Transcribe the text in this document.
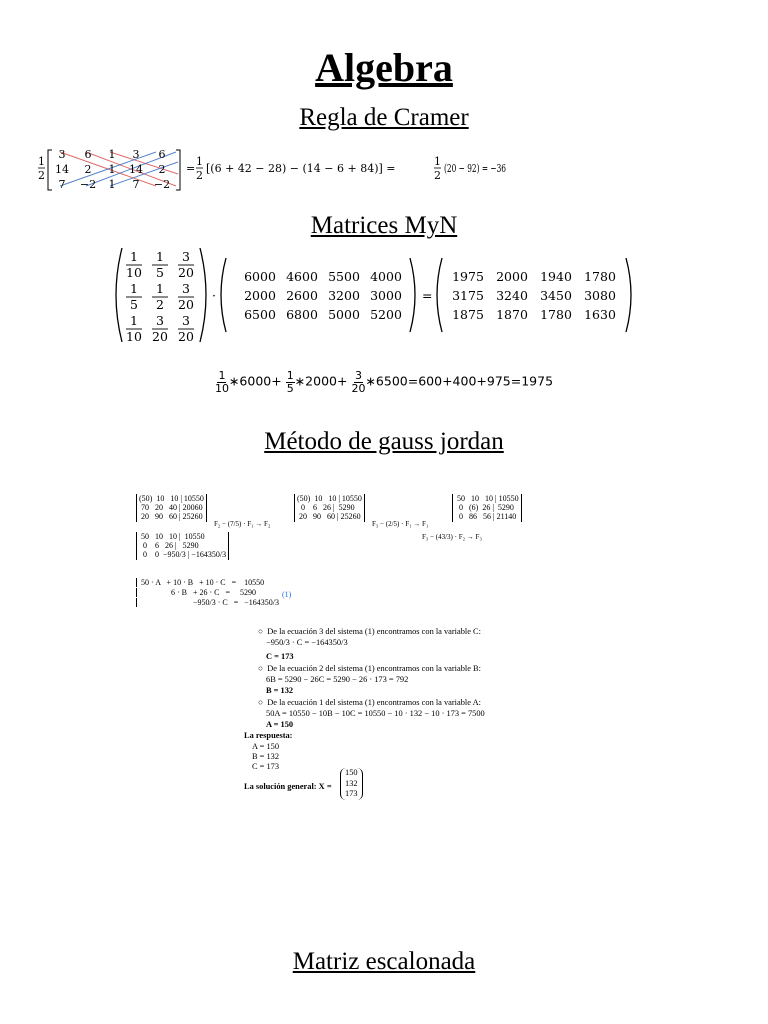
Algebra
Regla de Cramer
1
2
3 6 1 3 6
14 2 1 14 2
7 −2 1 7 −2
=
1
2
[(6 + 42 − 28) − (14 − 6 + 84)] =
1
2
(20 − 92) = −36
Matrices MyN
1
10
1
5
3
20
1
5
1
2
3
20
1
10
3
20
3
20
·
6000 4600 5500 4000
2000 2600 3200 3000
6500 6800 5000 5200
=
1975 2000 1940 1780
3175 3240 3450 3080
1875 1870 1780 1630
$\frac{1}{10}$ ∗6000+ $\frac{1}{5}$ ∗2000+ $\frac{3}{20}$ ∗6500=600+400+975=1975
Método de gauss jordan
(50)  10   10 | 10550
70   20   40 | 20060
20   90   60 | 25260
F₂ − (7/5) · F₁ → F₂
(50)  10   10 | 10550
0    6   26 |  5290
20   90   60 | 25260
F₃ − (2/5) · F₁ → F₁
50   10   10 | 10550
0   (6)  26 |  5290
0   86   56 | 21140
F₃ − (43/3) · F₂ → F₃
50   10   10 |  10550
0    6   26 |   5290
0    0  −950/3 | −164350/3
50 · A   + 10 · B   + 10 · C   =    10550
6 · B   + 26 · C   =     5290
−950/3 · C   =   −164350/3
(1)
○  De la ecuación 3 del sistema (1) encontramos con la variable C:
−950/3 · C = −164350/3
C = 173
○  De la ecuación 2 del sistema (1) encontramos con la variable B:
6B = 5290 − 26C = 5290 − 26 · 173 = 792
B = 132
○  De la ecuación 1 del sistema (1) encontramos con la variable A:
50A = 10550 − 10B − 10C = 10550 − 10 · 132 − 10 · 173 = 7500
A = 150
La respuesta:
A = 150
B = 132
C = 173
La solución general: X =
150
132
173
Matriz escalonada
